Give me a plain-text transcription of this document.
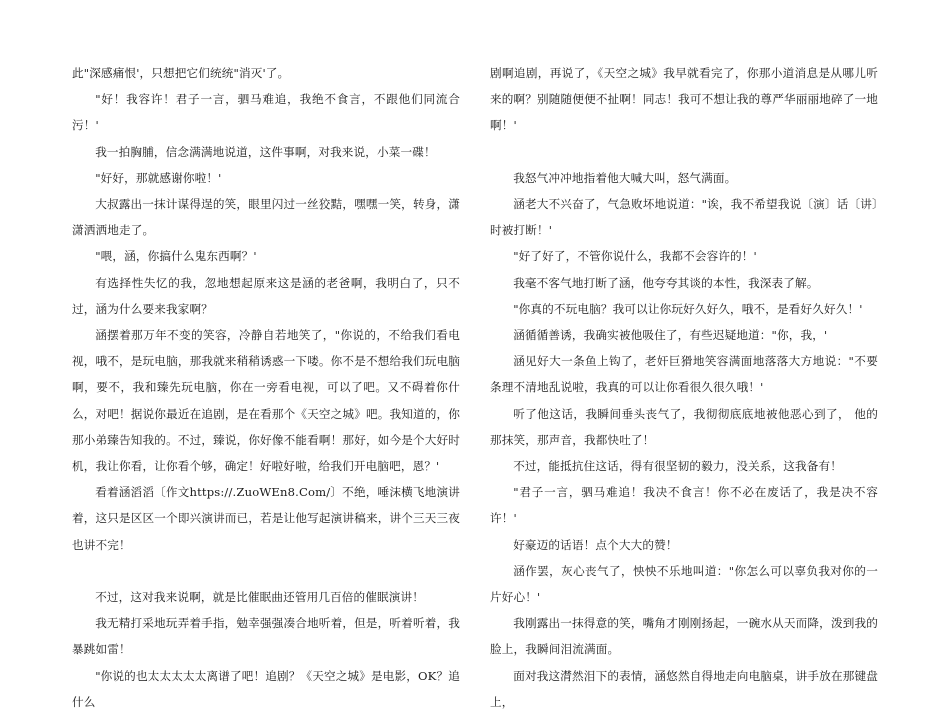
此"深感痛恨'，只想把它们统统"消灭'了。

"好！我容许！君子一言，驷马难追，我绝不食言，不跟他们同流合污！'

我一拍胸脯，信念满满地说道，这件事啊，对我来说，小菜一碟！

"好好，那就感谢你啦！'

大叔露出一抹计谋得逞的笑，眼里闪过一丝狡黠，嘿嘿一笑，转身，潇潇洒洒地走了。

"喂，涵，你搞什么鬼东西啊？'

有选择性失忆的我，忽地想起原来这是涵的老爸啊，我明白了，只不过，涵为什么要来我家啊？

涵摆着那万年不变的笑容，冷静自若地笑了，"你说的，不给我们看电视，哦不，是玩电脑，那我就来稍稍诱惑一下喽。你不是不想给我们玩电脑啊，要不，我和臻先玩电脑，你在一旁看电视，可以了吧。又不碍着你什么，对吧！据说你最近在追剧，是在看那个《天空之城》吧。我知道的，你那小弟臻告知我的。不过，臻说，你好像不能看啊！那好，如今是个大好时机，我让你看，让你看个够，确定！好啦好啦，给我们开电脑吧，恩？'

看着涵滔滔〔作文https://.ZuoWEn8.Com/〕不绝，唾沫横飞地演讲着，这只是区区一个即兴演讲而已，若是让他写起演讲稿来，讲个三天三夜也讲不完！

不过，这对我来说啊，就是比催眠曲还管用几百倍的催眠演讲！

我无精打采地玩弄着手指，勉幸强强凑合地听着，但是，听着听着，我暴跳如雷！

"你说的也太太太太太离谱了吧！追剧？《天空之城》是电影，OK？追什么

剧啊追剧，再说了，《天空之城》我早就看完了，你那小道消息是从哪儿听来的啊？别随随便便不扯啊！同志！我可不想让我的尊严华丽丽地碎了一地啊！'

我怒气冲冲地指着他大喊大叫，怒气满面。

涵老大不兴奋了，气急败坏地说道："诶，我不希望我说〔演〕话〔讲〕时被打断！'

"好了好了，不管你说什么，我都不会容许的！'

我毫不客气地打断了涵，他夸夸其谈的本性，我深表了解。

"你真的不玩电脑？我可以让你玩好久好久，哦不，是看好久好久！'

涵循循善诱，我确实被他吸住了，有些迟疑地道："你，我，'

涵见好大一条鱼上钩了，老奸巨猾地笑容满面地落落大方地说："不要条理不清地乱说啦，我真的可以让你看很久很久哦！'

听了他这话，我瞬间垂头丧气了，我彻彻底底地被他恶心到了， 他的那抹笑，那声音，我都快吐了！

不过，能抵抗住这话，得有很坚韧的毅力，没关系，这我备有！

"君子一言，驷马难追！我决不食言！你不必在废话了，我是决不容许！'

好豪迈的话语！点个大大的赞！

涵作罢，灰心丧气了，怏怏不乐地叫道："你怎么可以辜负我对你的一片好心！'

我刚露出一抹得意的笑，嘴角才刚刚扬起，一碗水从天而降，泼到我的脸上，我瞬间泪流满面。

面对我这潸然泪下的表情，涵悠然自得地走向电脑桌，讲手放在那键盘上，
